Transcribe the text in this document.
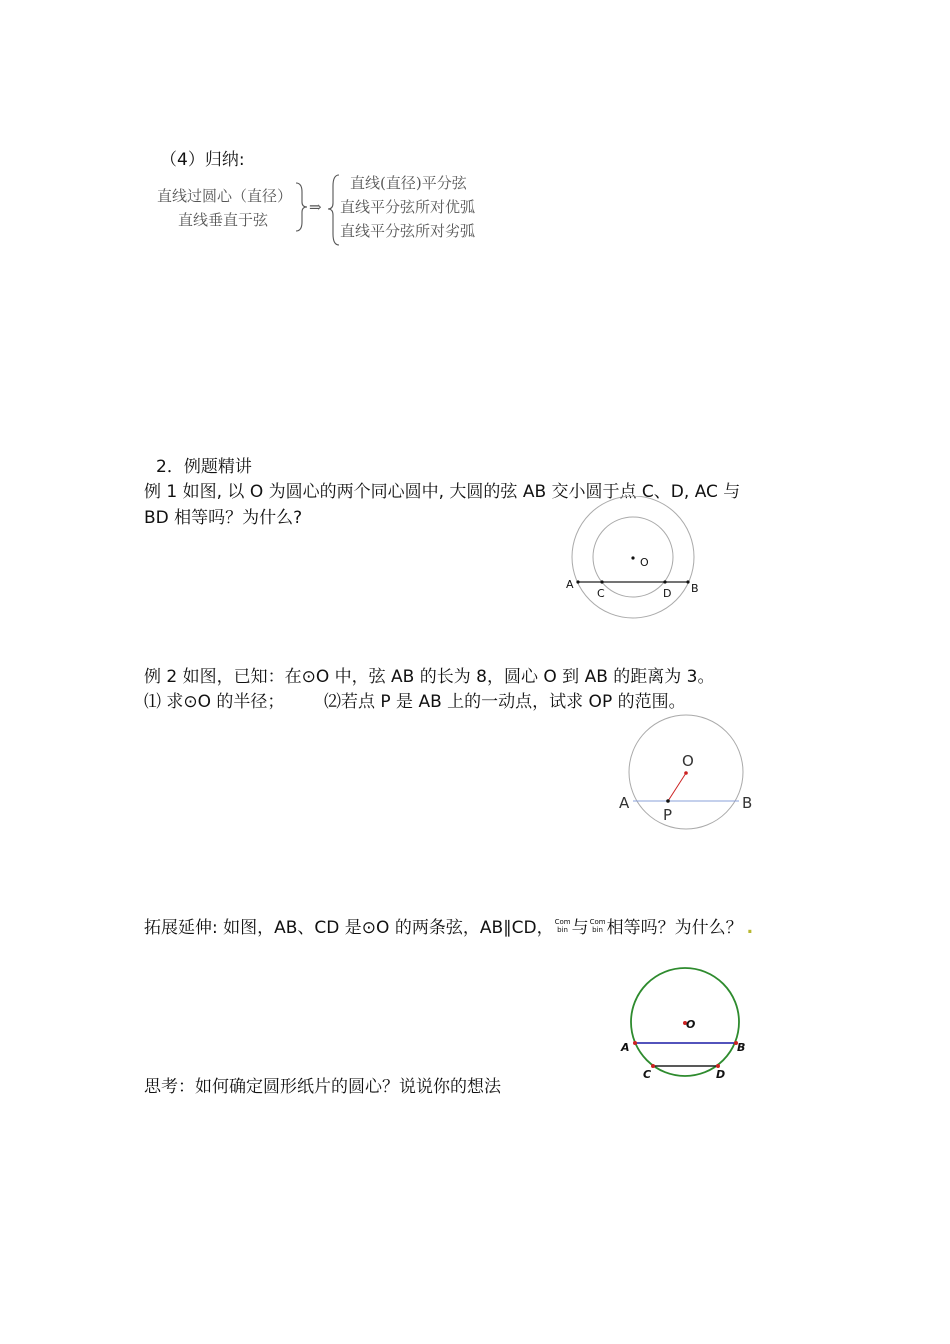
（4）归纳:
直线过圆心（直径）
直线垂直于弦
⇒
直线(直径)平分弦
直线平分弦所对优弧
直线平分弦所对劣弧
2．例题精讲
例 1 如图, 以 O 为圆心的两个同心圆中, 大圆的弦 AB 交小圆于点 C、D, AC 与
BD 相等吗？为什么?
O
A	B
C	D
例 2 如图，已知：在⊙O 中，弦 AB 的长为 8，圆心 O 到 AB 的距离为 3。
⑴ 求⊙O 的半径； ⑵若点 P 是 AB 上的一动点，试求 OP 的范围。
O
A	B
P
拓展延伸: 如图，AB、CD 是⊙O 的两条弦，AB∥CD， Com
bin 与 Com
bin 相等吗？为什么？ .
O
A	B
C	D
思考：如何确定圆形纸片的圆心？说说你的想法
